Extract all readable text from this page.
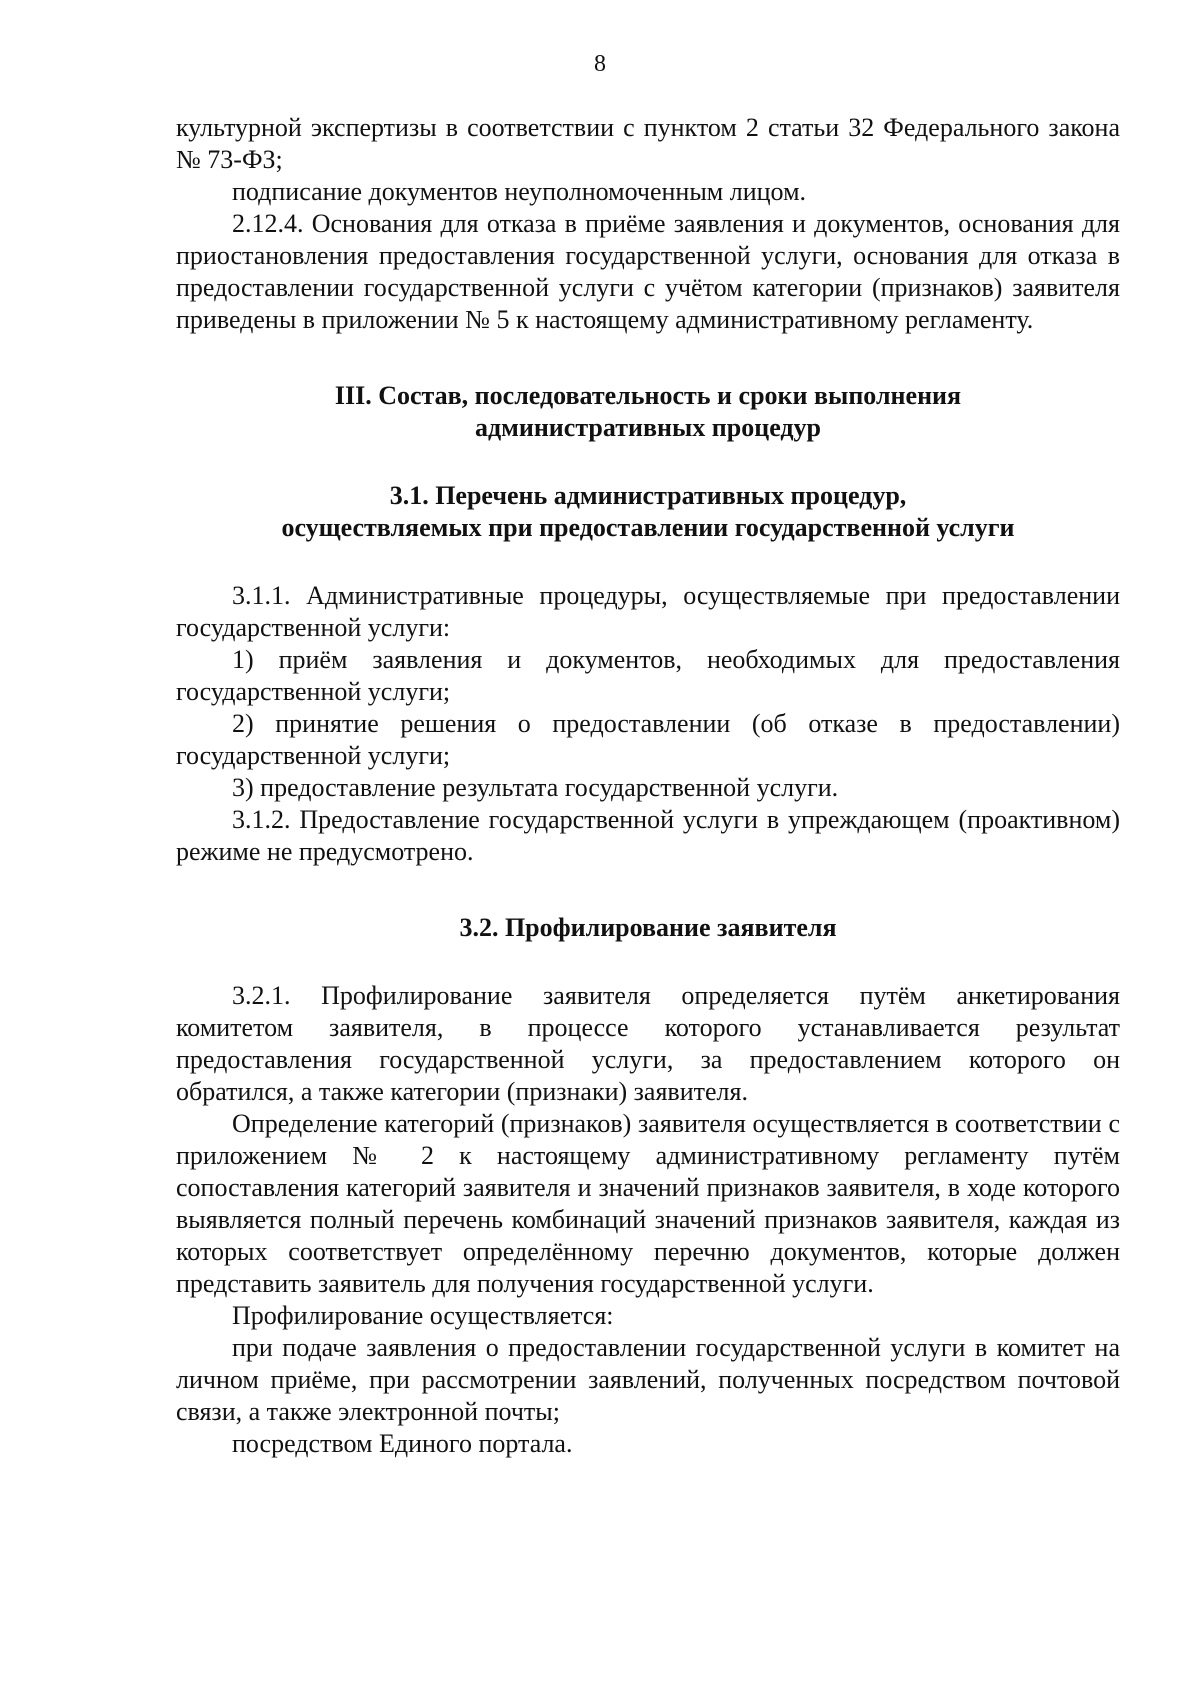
8

культурной экспертизы в соответствии с пунктом 2 статьи 32 Федерального закона № 73-ФЗ;

подписание документов неуполномоченным лицом.

2.12.4. Основания для отказа в приёме заявления и документов, основания для приостановления предоставления государственной услуги, основания для отказа в предоставлении государственной услуги с учётом категории (признаков) заявителя приведены в приложении № 5 к настоящему административному регламенту.

III. Состав, последовательность и сроки выполнения
административных процедур
3.1. Перечень административных процедур,
осуществляемых при предоставлении государственной услуги

3.1.1. Административные процедуры, осуществляемые при предоставлении государственной услуги:

1) приём заявления и документов, необходимых для предоставления государственной услуги;

2) принятие решения о предоставлении (об отказе в предоставлении) государственной услуги;

3) предоставление результата государственной услуги.

3.1.2. Предоставление государственной услуги в упреждающем (проактивном) режиме не предусмотрено.

3.2. Профилирование заявителя

3.2.1. Профилирование заявителя определяется путём анкетирования комитетом заявителя, в процессе которого устанавливается результат предоставления государственной услуги, за предоставлением которого он обратился, а также категории (признаки) заявителя.

Определение категорий (признаков) заявителя осуществляется в соответствии с приложением № 2 к настоящему административному регламенту путём сопоставления категорий заявителя и значений признаков заявителя, в ходе которого выявляется полный перечень комбинаций значений признаков заявителя, каждая из которых соответствует определённому перечню документов, которые должен представить заявитель для получения государственной услуги.

Профилирование осуществляется:

при подаче заявления о предоставлении государственной услуги в комитет на личном приёме, при рассмотрении заявлений, полученных посредством почтовой связи, а также электронной почты;

посредством Единого портала.
